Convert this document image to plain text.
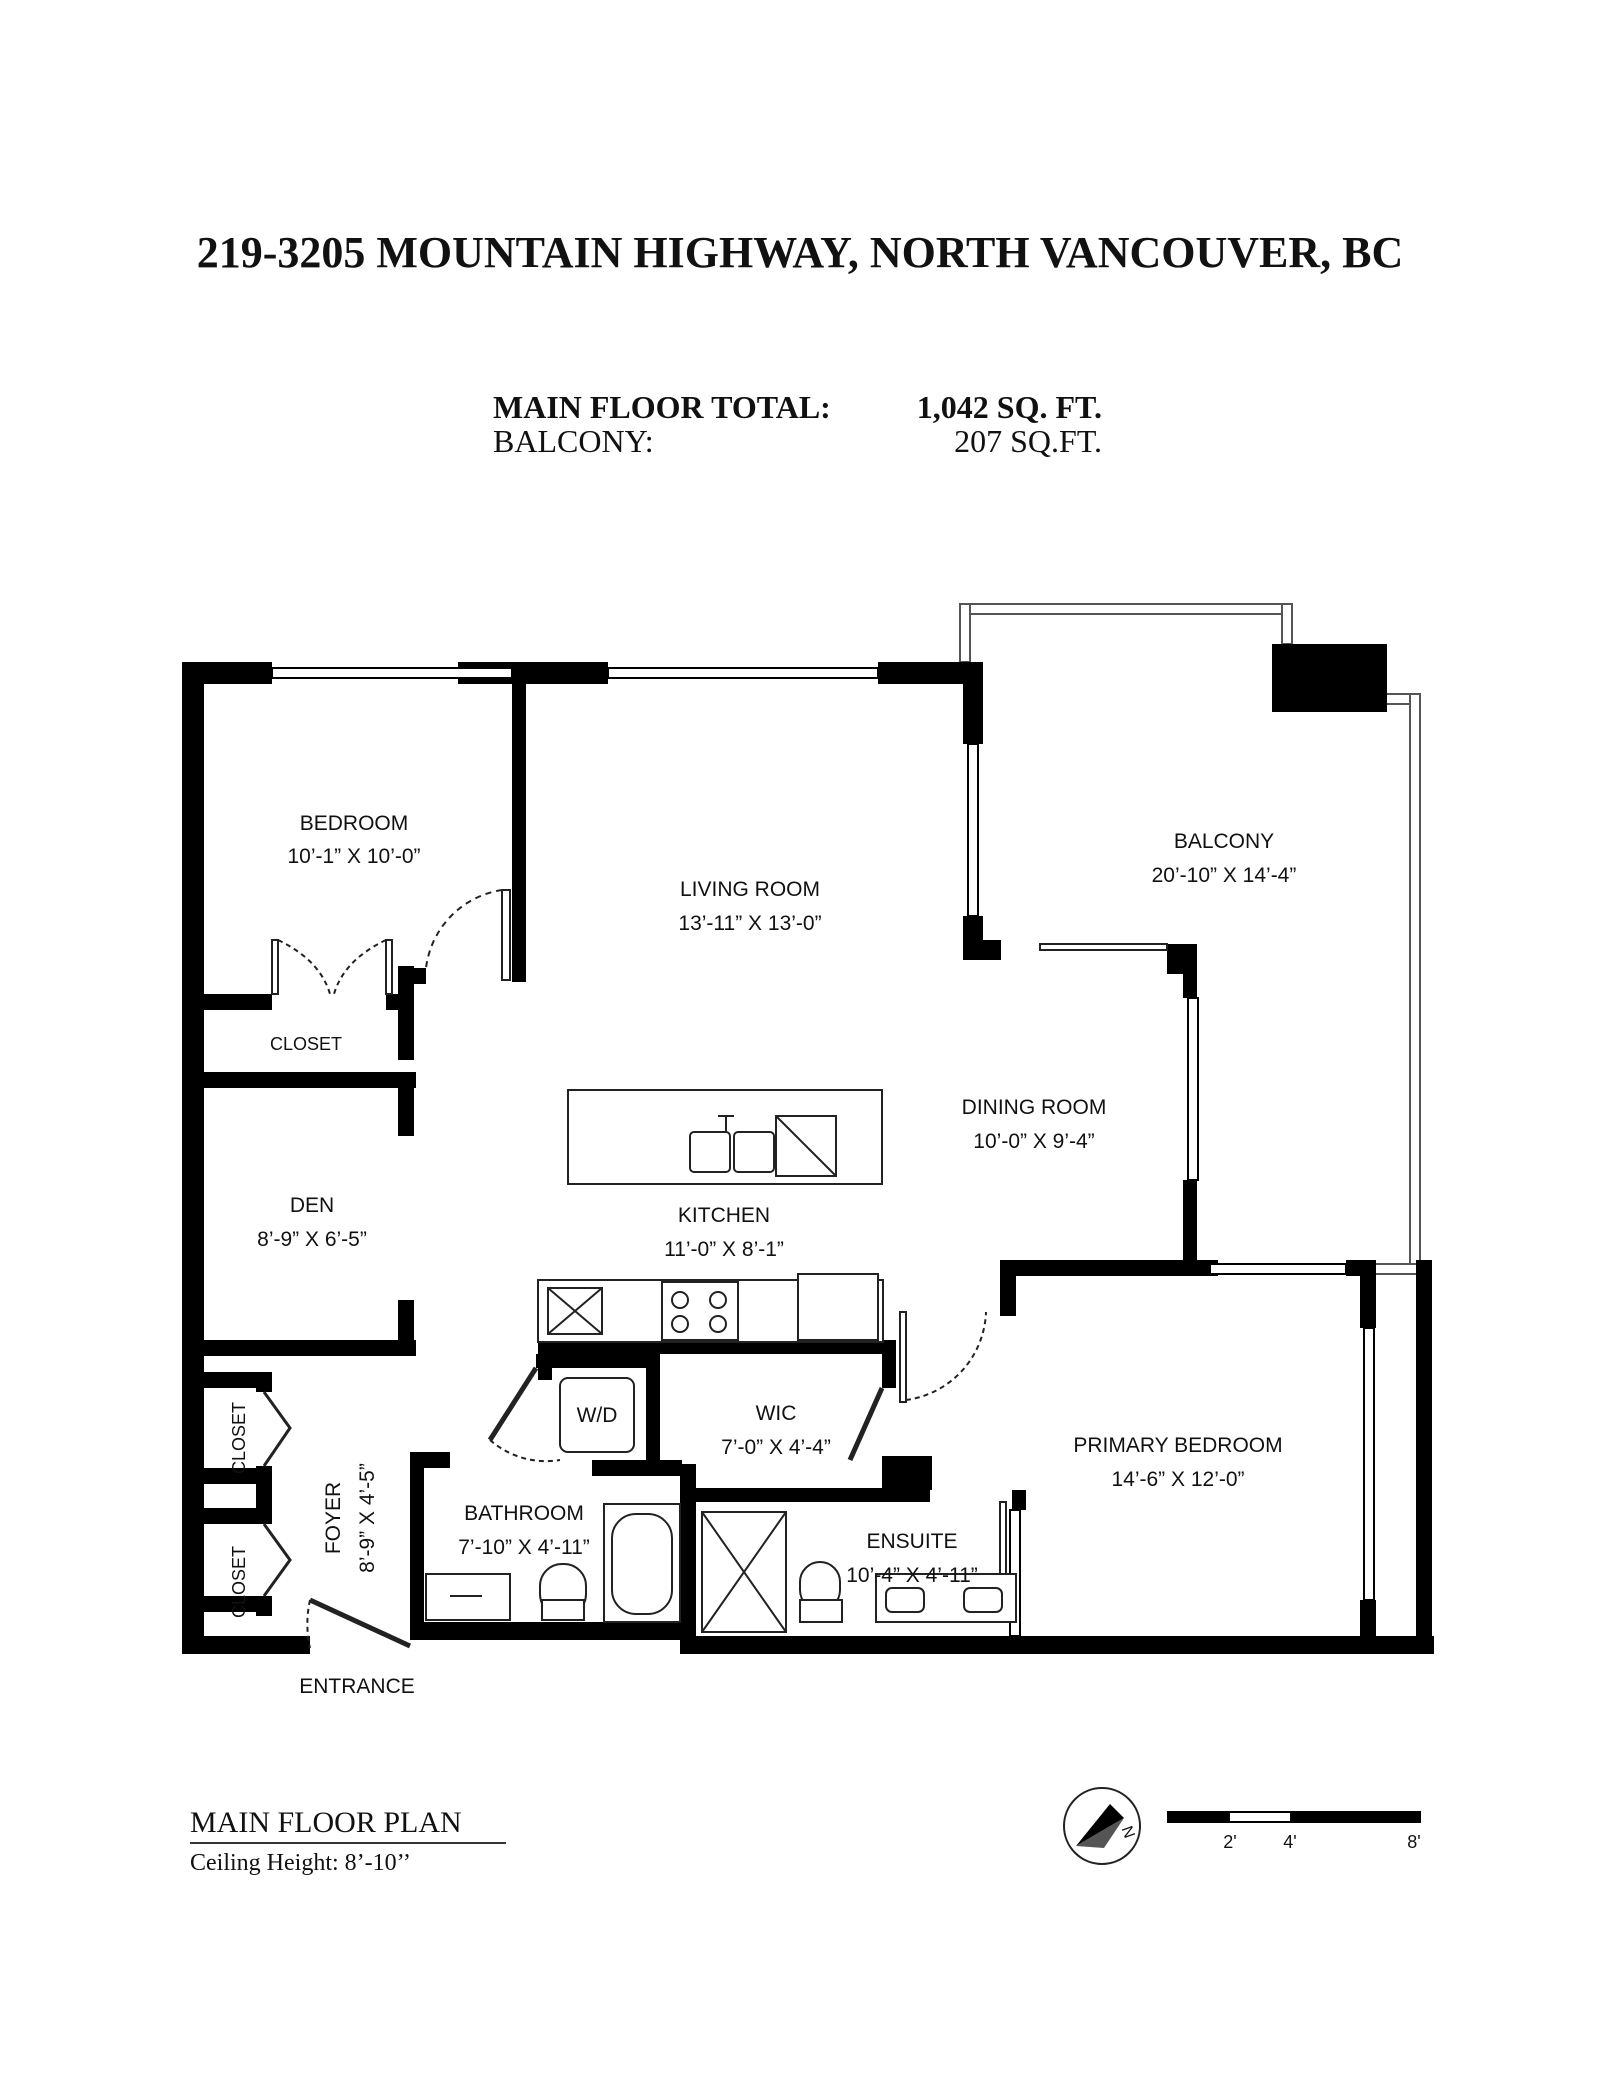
219-3205 MOUNTAIN HIGHWAY, NORTH VANCOUVER, BC
MAIN FLOOR TOTAL:	1,042 SQ. FT.
BALCONY:	207 SQ.FT.
BEDROOM
10’-1” X 10’-0”
LIVING ROOM
13’-11” X 13’-0”
BALCONY
20’-10” X 14’-4”
CLOSET
DINING ROOM
10’-0” X 9’-4”
DEN
8’-9” X 6’-5”
KITCHEN
11’-0” X 8’-1”
W/D	WIC
7’-0” X 4’-4”	PRIMARY BEDROOM
14’-6” X 12’-0”
CLOSET
CLOSET
FOYER 8’-9” X 4’-5”	BATHROOM
7’-10” X 4’-11”	ENSUITE
10’-4” X 4’-11”
ENTRANCE
MAIN FLOOR PLAN
Ceiling Height: 8’-10’’
N	2'	4'	8'
